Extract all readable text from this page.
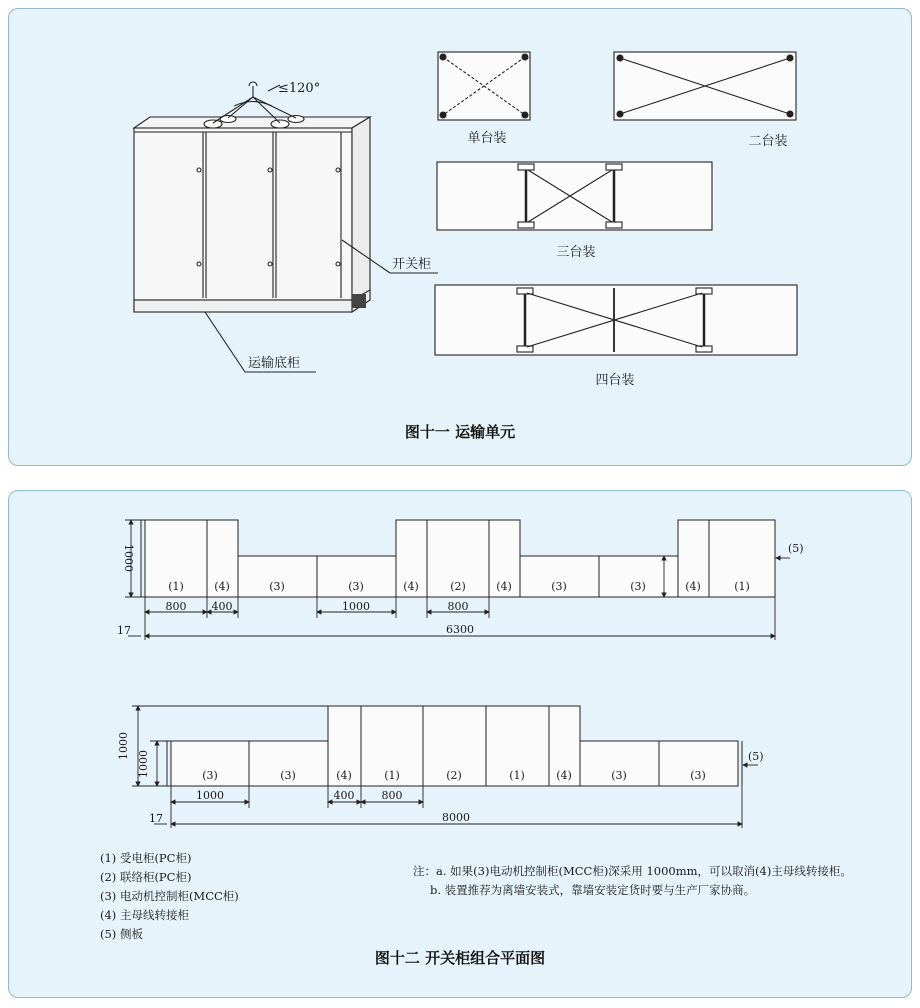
≤120°
开关柜
运输底柜
单台装	二台装
三台装
四台装
图十一 运输单元
(1)	(4)	(3)	(3)	(4)	(2)	(4)	(3)	(3)	(4)	(1)
800 400	1000	800
6300
17
1000	(5)
(3)	(3)	(4)	(1)	(2)	(1)	(4)	(3)	(3)
1000	400 800
8000
17
1000
1000	(5)
图十二 开关柜组合平面图
(1) 受电柜(PC柜)
(2) 联络柜(PC柜)
(3) 电动机控制柜(MCC柜)
(4) 主母线转接柜
(5) 侧板
注：a. 如果(3)电动机控制柜(MCC柜)深采用 1000mm，可以取消(4)主母线转接柜。
b. 装置推荐为离墙安装式，靠墙安装定货时要与生产厂家协商。
